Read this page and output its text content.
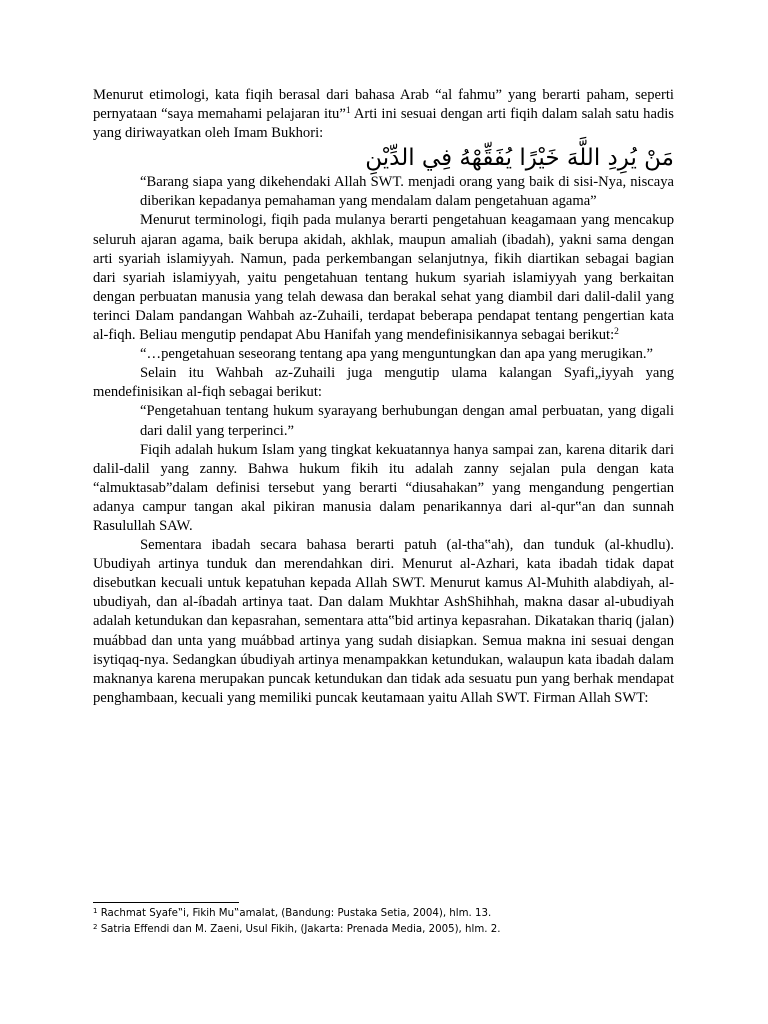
Menurut etimologi, kata fiqih berasal dari bahasa Arab “al fahmu” yang berarti paham, seperti pernyataan “saya memahami pelajaran itu”$^1$ Arti ini sesuai dengan arti fiqih dalam salah satu hadis yang diriwayatkan oleh Imam Bukhori:

مَنْ يُرِدِ اللَّهَ خَيْرًا يُفَقِّهْهُ فِي الدِّيْنِ

“Barang siapa yang dikehendaki Allah SWT. menjadi orang yang baik di sisi-Nya, niscaya diberikan kepadanya pemahaman yang mendalam dalam pengetahuan agama”

Menurut terminologi, fiqih pada mulanya berarti pengetahuan keagamaan yang mencakup seluruh ajaran agama, baik berupa akidah, akhlak, maupun amaliah (ibadah), yakni sama dengan arti syariah islamiyyah. Namun, pada perkembangan selanjutnya, fikih diartikan sebagai bagian dari syariah islamiyyah, yaitu pengetahuan tentang hukum syariah islamiyyah yang berkaitan dengan perbuatan manusia yang telah dewasa dan berakal sehat yang diambil dari dalil-dalil yang terinci Dalam pandangan Wahbah az-Zuhaili, terdapat beberapa pendapat tentang pengertian kata al-fiqh. Beliau mengutip pendapat Abu Hanifah yang mendefinisikannya sebagai berikut:$^2$

“…pengetahuan seseorang tentang apa yang menguntungkan dan apa yang merugikan.”

Selain itu Wahbah az-Zuhaili juga mengutip ulama kalangan Syafi„iyyah yang mendefinisikan al-fiqh sebagai berikut:

“Pengetahuan tentang hukum syarayang berhubungan dengan amal perbuatan, yang digali dari dalil yang terperinci.”

Fiqih adalah hukum Islam yang tingkat kekuatannya hanya sampai zan, karena ditarik dari dalil-dalil yang zanny. Bahwa hukum fikih itu adalah zanny sejalan pula dengan kata “almuktasab”dalam definisi tersebut yang berarti “diusahakan” yang mengandung pengertian adanya campur tangan akal pikiran manusia dalam penarikannya dari al-qur‟an dan sunnah Rasulullah SAW.

Sementara ibadah secara bahasa berarti patuh (al-tha‟ah), dan tunduk (al-khudlu). Ubudiyah artinya tunduk dan merendahkan diri. Menurut al-Azhari, kata ibadah tidak dapat disebutkan kecuali untuk kepatuhan kepada Allah SWT. Menurut kamus Al-Muhith alabdiyah, al-ubudiyah, dan al-íbadah artinya taat. Dan dalam Mukhtar AshShihhah, makna dasar al-ubudiyah adalah ketundukan dan kepasrahan, sementara atta‟bid artinya kepasrahan. Dikatakan thariq (jalan) muábbad dan unta yang muábbad artinya yang sudah disiapkan. Semua makna ini sesuai dengan isytiqaq-nya. Sedangkan úbudiyah artinya menampakkan ketundukan, walaupun kata ibadah dalam maknanya karena merupakan puncak ketundukan dan tidak ada sesuatu pun yang berhak mendapat penghambaan, kecuali yang memiliki puncak keutamaan yaitu Allah SWT. Firman Allah SWT:

$^1$ Rachmat Syafe‟i, Fikih Mu‟amalat, (Bandung: Pustaka Setia, 2004), hlm. 13.

$^2$ Satria Effendi dan M. Zaeni, Usul Fikih, (Jakarta: Prenada Media, 2005), hlm. 2.
